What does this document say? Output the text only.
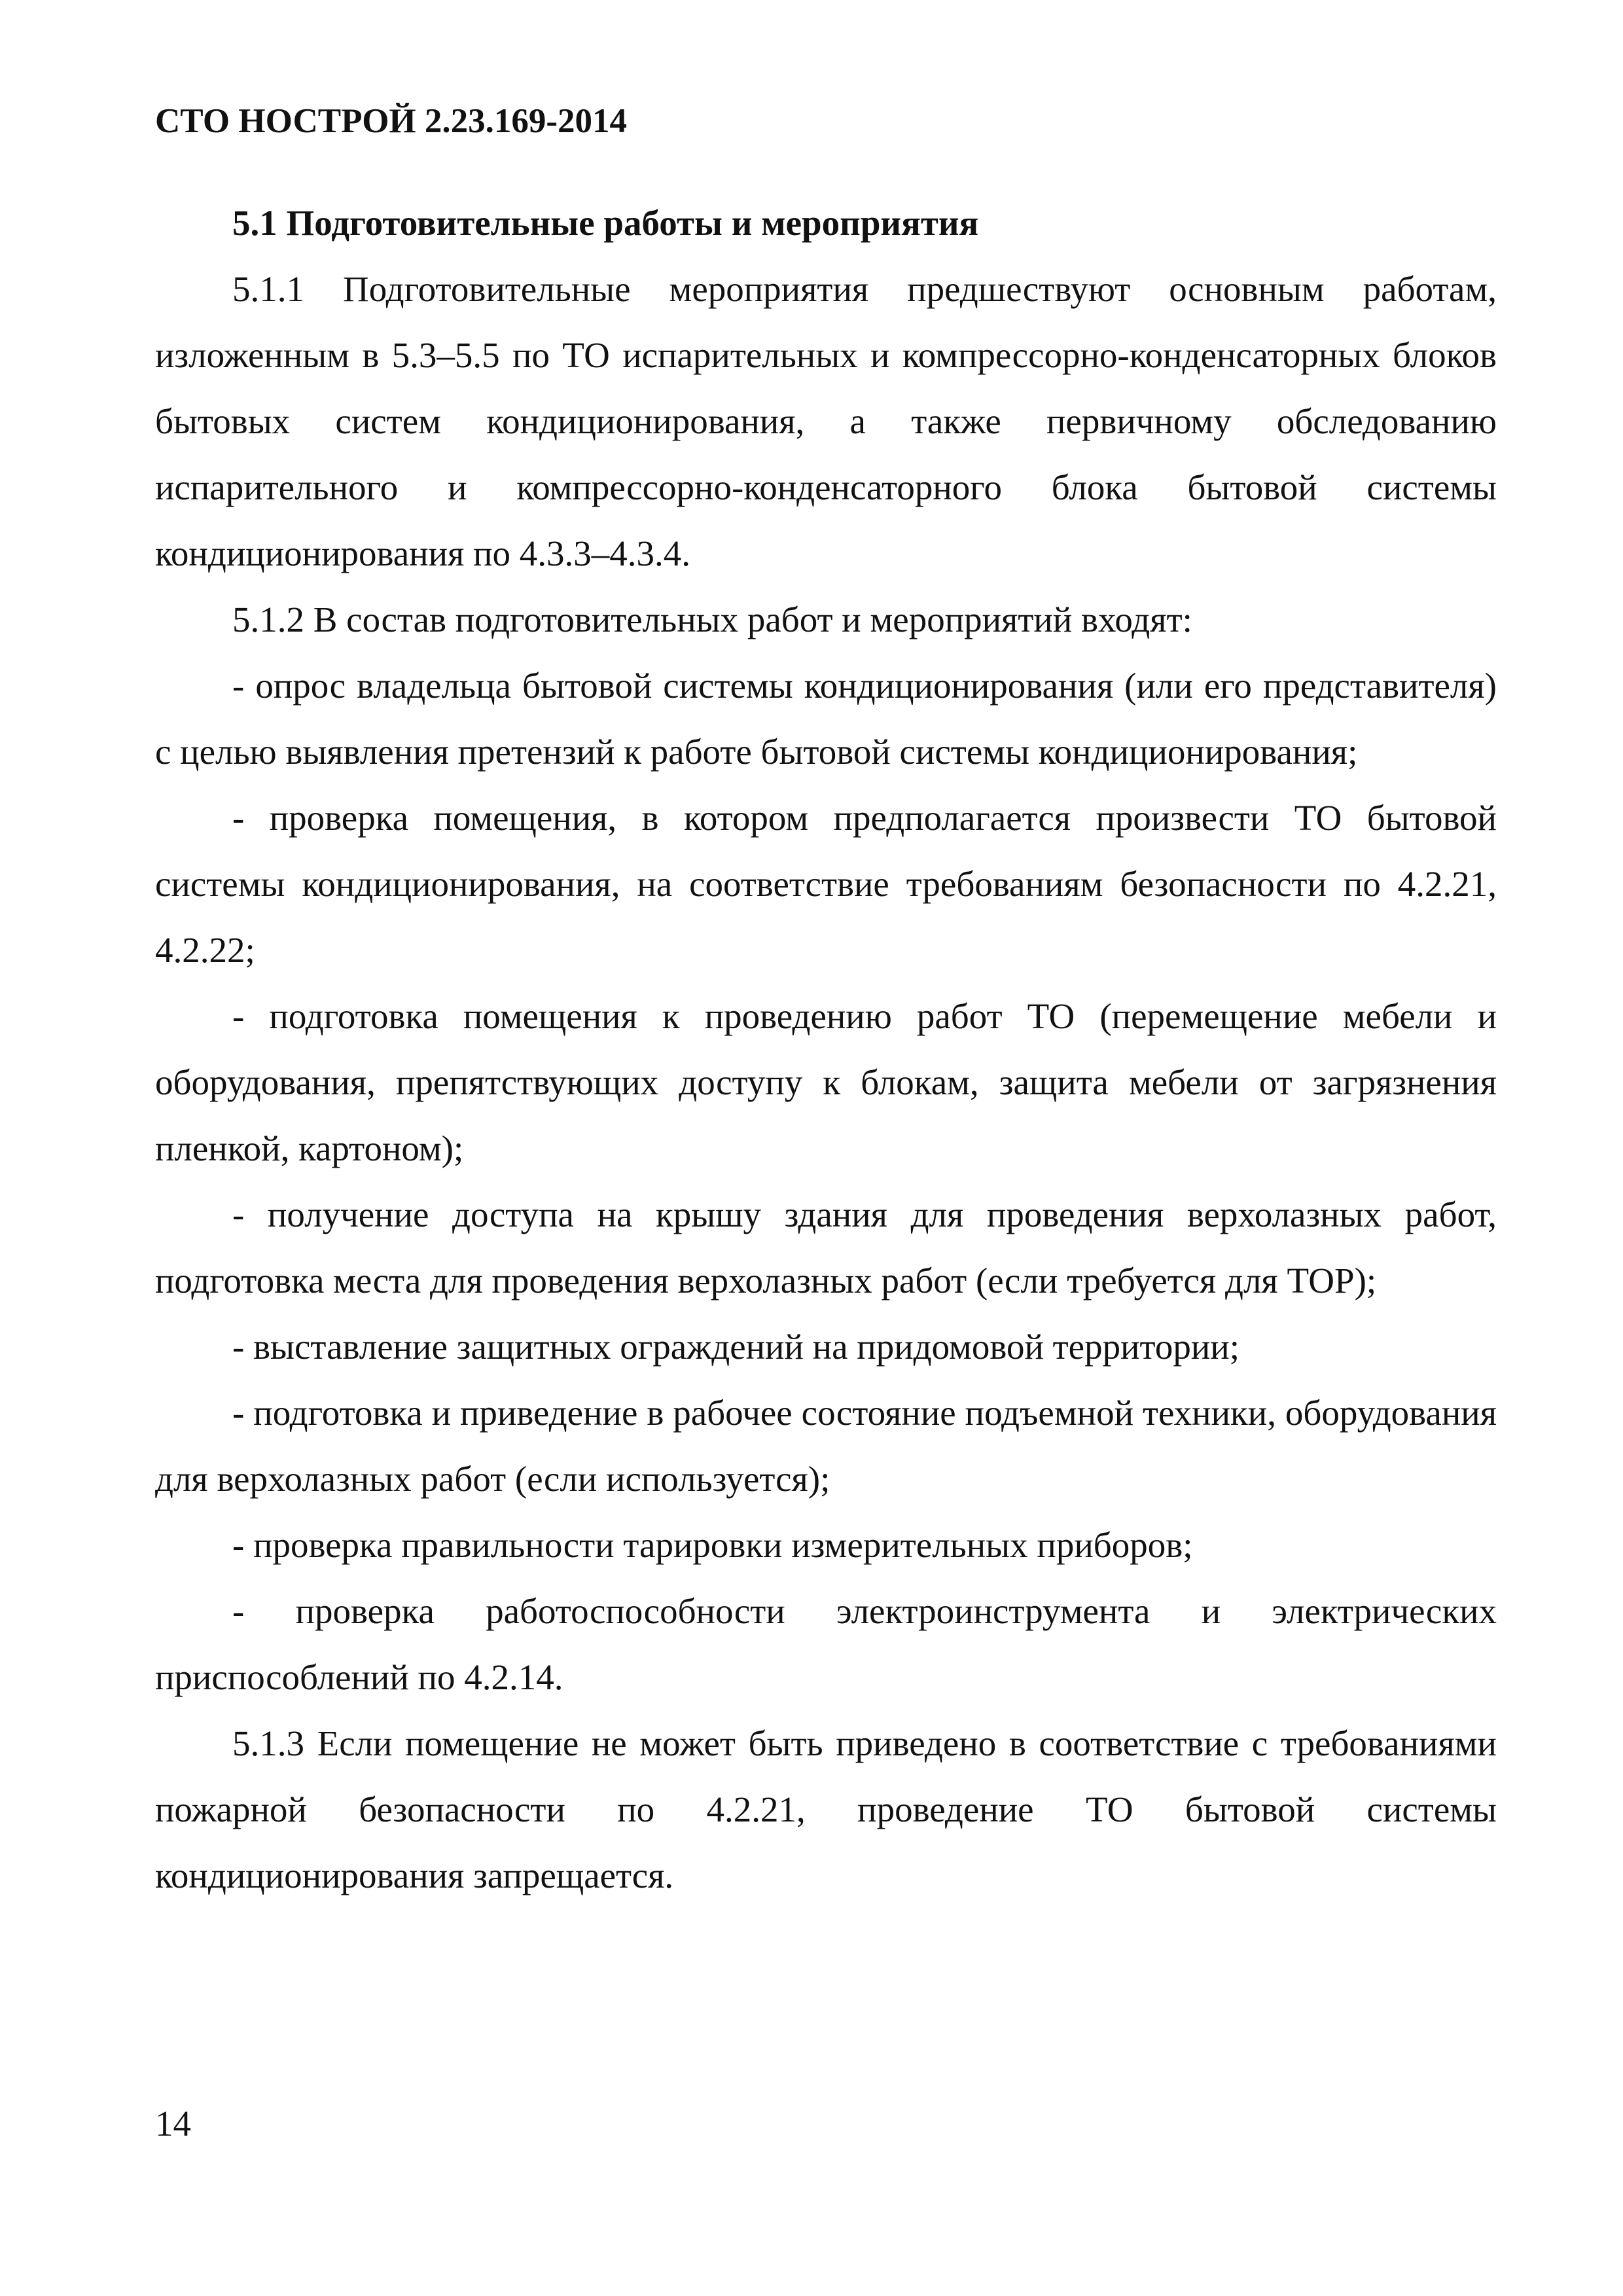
СТО НОСТРОЙ 2.23.169-2014

5.1 Подготовительные работы и мероприятия

5.1.1 Подготовительные мероприятия предшествуют основным работам, изложенным в 5.3–5.5 по ТО испарительных и компрессорно-конденсаторных блоков бытовых систем кондиционирования, а также первичному обследованию испарительного и компрессорно-конденсаторного блока бытовой системы кондиционирования по 4.3.3–4.3.4.

5.1.2 В состав подготовительных работ и мероприятий входят:

- опрос владельца бытовой системы кондиционирования (или его представителя) с целью выявления претензий к работе бытовой системы кондиционирования;

- проверка помещения, в котором предполагается произвести ТО бытовой системы кондиционирования, на соответствие требованиям безопасности по 4.2.21, 4.2.22;

- подготовка помещения к проведению работ ТО (перемещение мебели и оборудования, препятствующих доступу к блокам, защита мебели от загрязнения пленкой, картоном);

- получение доступа на крышу здания для проведения верхолазных работ, подготовка места для проведения верхолазных работ (если требуется для ТОР);

- выставление защитных ограждений на придомовой территории;

- подготовка и приведение в рабочее состояние подъемной техники, оборудования для верхолазных работ (если используется);

- проверка правильности тарировки измерительных приборов;

- проверка работоспособности электроинструмента и электрических приспособлений по 4.2.14.

5.1.3 Если помещение не может быть приведено в соответствие с требованиями пожарной безопасности по 4.2.21, проведение ТО бытовой системы кондиционирования запрещается.

14
